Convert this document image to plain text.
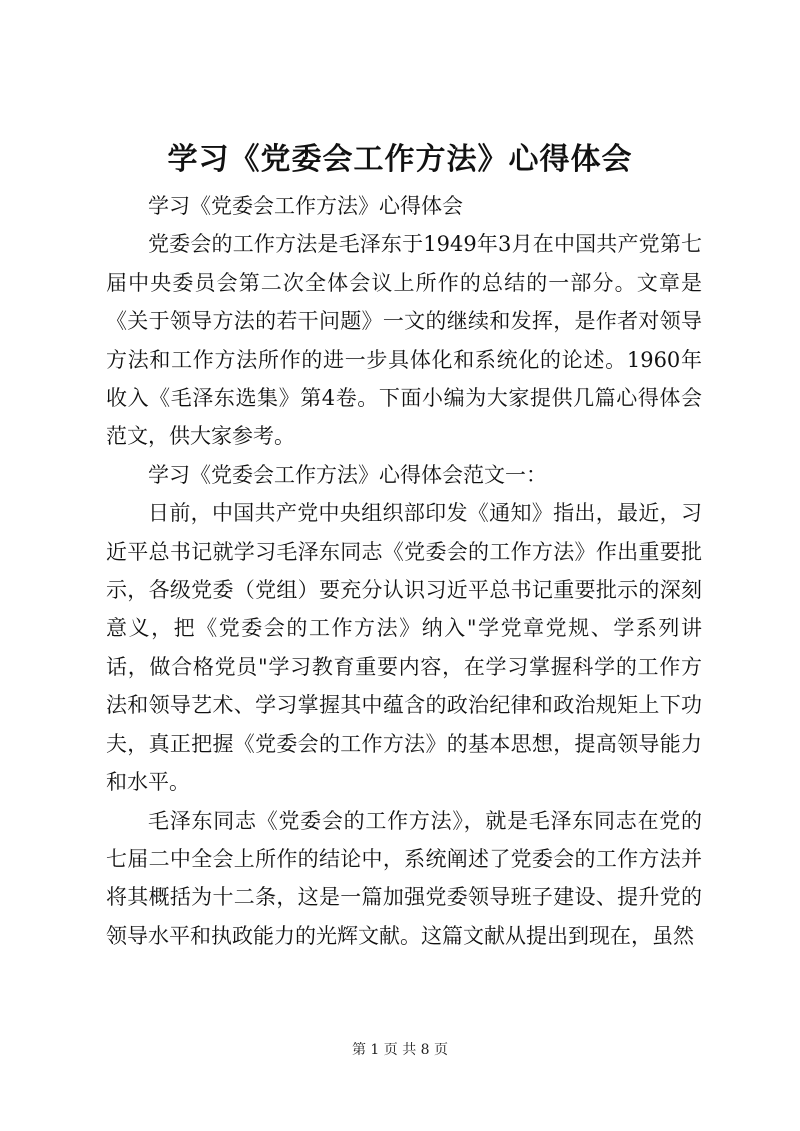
学习《党委会工作方法》心得体会

学习《党委会工作方法》心得体会

党委会的工作方法是毛泽东于1949年3月在中国共产党第七届中央委员会第二次全体会议上所作的总结的一部分。文章是《关于领导方法的若干问题》一文的继续和发挥，是作者对领导方法和工作方法所作的进一步具体化和系统化的论述。1960年收入《毛泽东选集》第4卷。下面小编为大家提供几篇心得体会范文，供大家参考。

学习《党委会工作方法》心得体会范文一：

日前，中国共产党中央组织部印发《通知》指出，最近，习近平总书记就学习毛泽东同志《党委会的工作方法》作出重要批示，各级党委（党组）要充分认识习近平总书记重要批示的深刻意义，把《党委会的工作方法》纳入"学党章党规、学系列讲话，做合格党员"学习教育重要内容，在学习掌握科学的工作方法和领导艺术、学习掌握其中蕴含的政治纪律和政治规矩上下功夫，真正把握《党委会的工作方法》的基本思想，提高领导能力和水平。

毛泽东同志《党委会的工作方法》，就是毛泽东同志在党的七届二中全会上所作的结论中，系统阐述了党委会的工作方法并将其概括为十二条，这是一篇加强党委领导班子建设、提升党的领导水平和执政能力的光辉文献。这篇文献从提出到现在，虽然

第 1 页 共 8 页
